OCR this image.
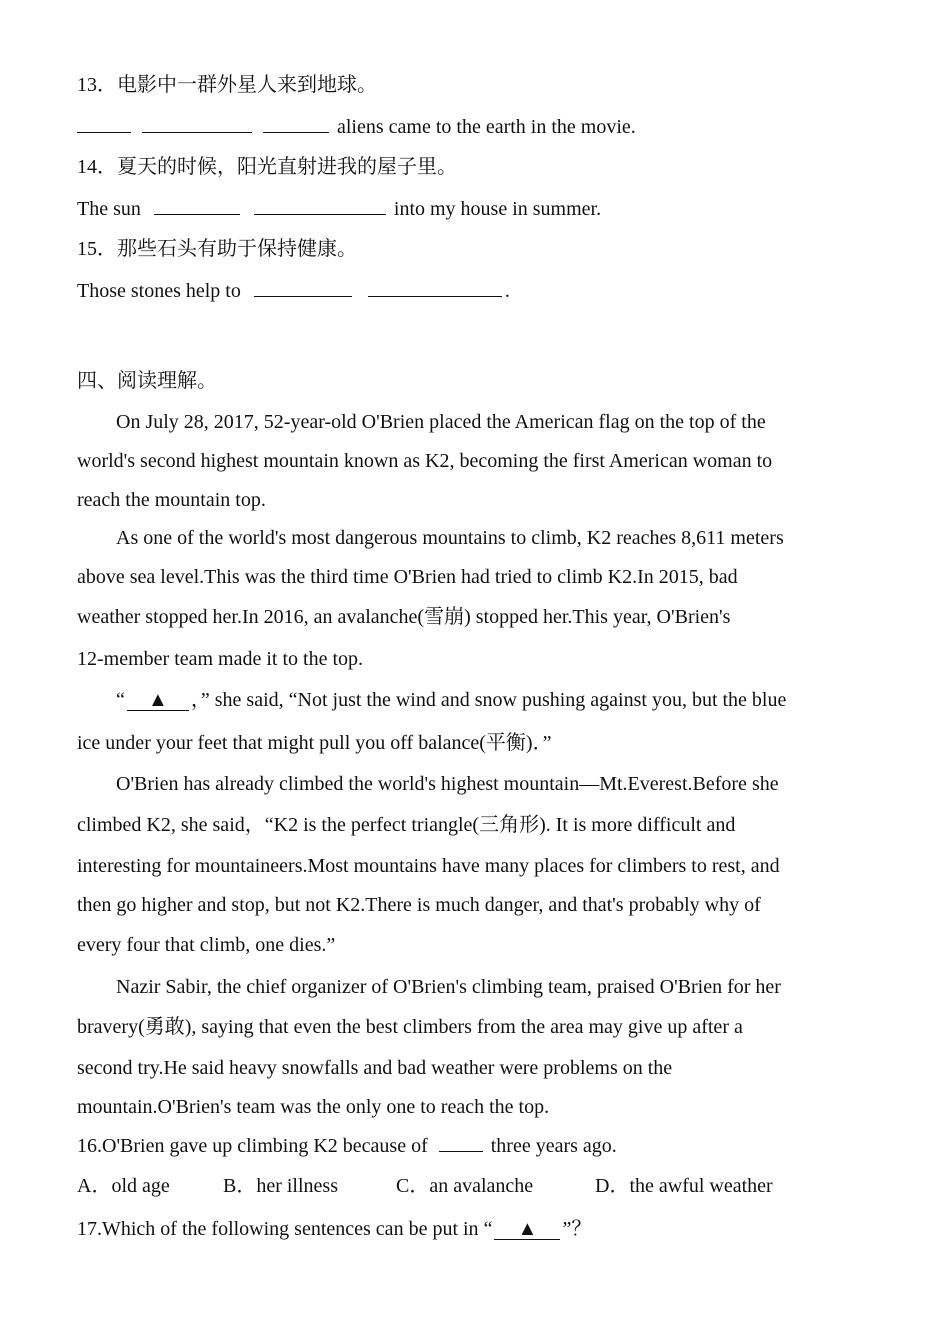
13．电影中一群外星人来到地球。
aliens came to the earth in the movie.
14．夏天的时候，阳光直射进我的屋子里。
The sun	into my house in summer.
15．那些石头有助于保持健康。
Those stones help to	.
四、阅读理解。
On July 28, 2017, 52-year-old O'Brien placed the American flag on the top of the
world's second highest mountain known as K2, becoming the first American woman to
reach the mountain top.
As one of the world's most dangerous mountains to climb, K2 reaches 8,611 meters
above sea level.This was the third time O'Brien had tried to climb K2.In 2015, bad
weather stopped her.In 2016, an avalanche(雪崩) stopped her.This year, O'Brien's
12-member team made it to the top.
“ ▲ ，” she said, “Not just the wind and snow pushing against you, but the blue
ice under your feet that might pull you off balance(平衡)．”
O'Brien has already climbed the world's highest mountain—Mt.Everest.Before she
climbed K2, she said，“K2 is the perfect triangle(三角形). It is more difficult and
interesting for mountaineers.Most mountains have many places for climbers to rest, and
then go higher and stop, but not K2.There is much danger, and that's probably why of
every four that climb, one dies.”
Nazir Sabir, the chief organizer of O'Brien's climbing team, praised O'Brien for her
bravery(勇敢), saying that even the best climbers from the area may give up after a
second try.He said heavy snowfalls and bad weather were problems on the
mountain.O'Brien's team was the only one to reach the top.
16.O'Brien gave up climbing K2 because of	three years ago.
A．old age	B．her illness	C．an avalanche	D．the awful weather
17.Which of the following sentences can be put in “ ▲ ”？
